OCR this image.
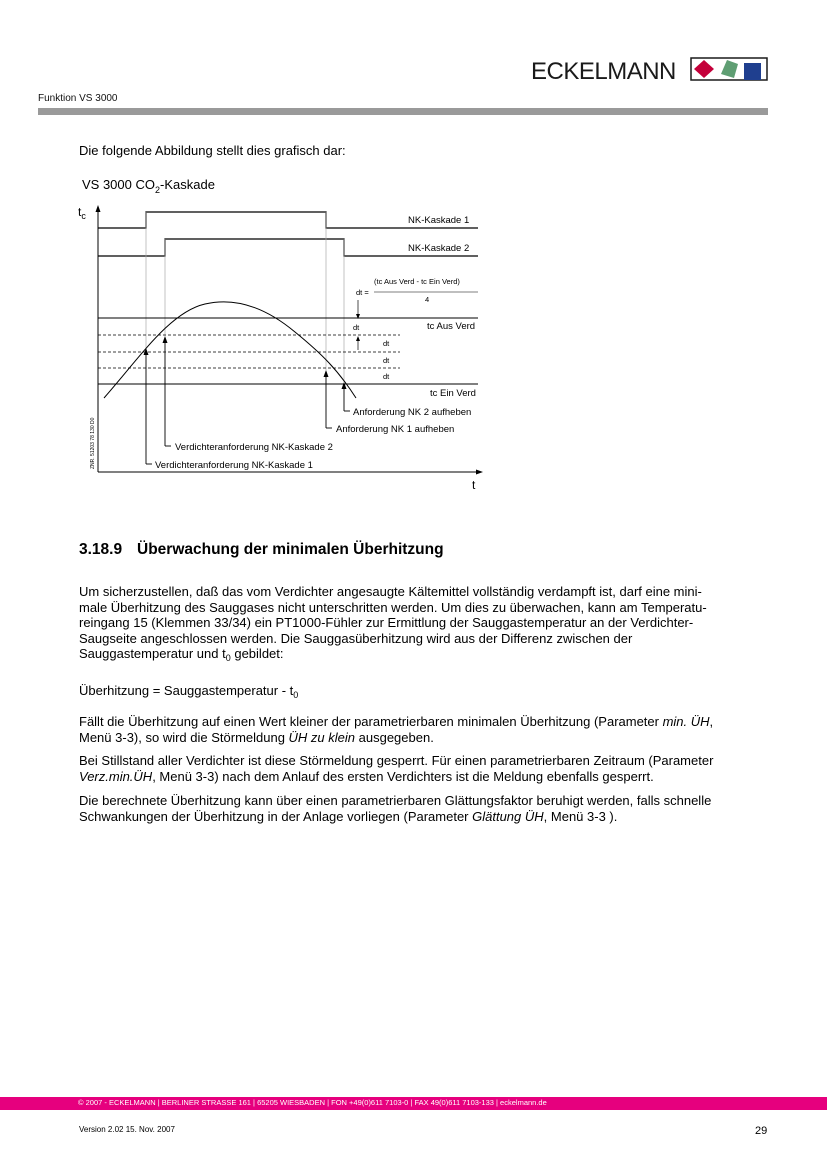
ECKELMANN
Funktion VS 3000
Die folgende Abbildung stellt dies grafisch dar:
VS 3000 $CO_2$-Kaskade
$t_c$
t
NK-Kaskade 1
NK-Kaskade 2
dt =
(tc Aus Verd - tc Ein Verd)
4
tc Aus Verd
dt
dt
dt
dt
tc Ein Verd
Verdichteranforderung NK-Kaskade 1
Verdichteranforderung NK-Kaskade 2
Anforderung NK 1 aufheben
Anforderung NK 2 aufheben
ZNR. 51203 78 130 D0
3.18.9 Überwachung der minimalen Überhitzung
Um sicherzustellen, daß das vom Verdichter angesaugte Kältemittel vollständig verdampft ist, darf eine mini-
male Überhitzung des Sauggases nicht unterschritten werden. Um dies zu überwachen, kann am Temperatu-
reingang 15 (Klemmen 33/34) ein PT1000-Fühler zur Ermittlung der Sauggastemperatur an der Verdichter-
Saugseite angeschlossen werden. Die Sauggasüberhitzung wird aus der Differenz zwischen der
Sauggastemperatur und $t_0$ gebildet:
Überhitzung = Sauggastemperatur - $t_0$
Fällt die Überhitzung auf einen Wert kleiner der parametrierbaren minimalen Überhitzung (Parameter min. ÜH,
Menü 3-3), so wird die Störmeldung ÜH zu klein ausgegeben.
Bei Stillstand aller Verdichter ist diese Störmeldung gesperrt. Für einen parametrierbaren Zeitraum (Parameter
Verz.min.ÜH, Menü 3-3) nach dem Anlauf des ersten Verdichters ist die Meldung ebenfalls gesperrt.
Die berechnete Überhitzung kann über einen parametrierbaren Glättungsfaktor beruhigt werden, falls schnelle
Schwankungen der Überhitzung in der Anlage vorliegen (Parameter Glättung ÜH, Menü 3-3 ).
© 2007 - ECKELMANN | BERLINER STRASSE 161 | 65205 WIESBADEN | FON +49(0)611 7103-0 | FAX 49(0)611 7103-133 | eckelmann.de
Version 2.02 15. Nov. 2007	29
